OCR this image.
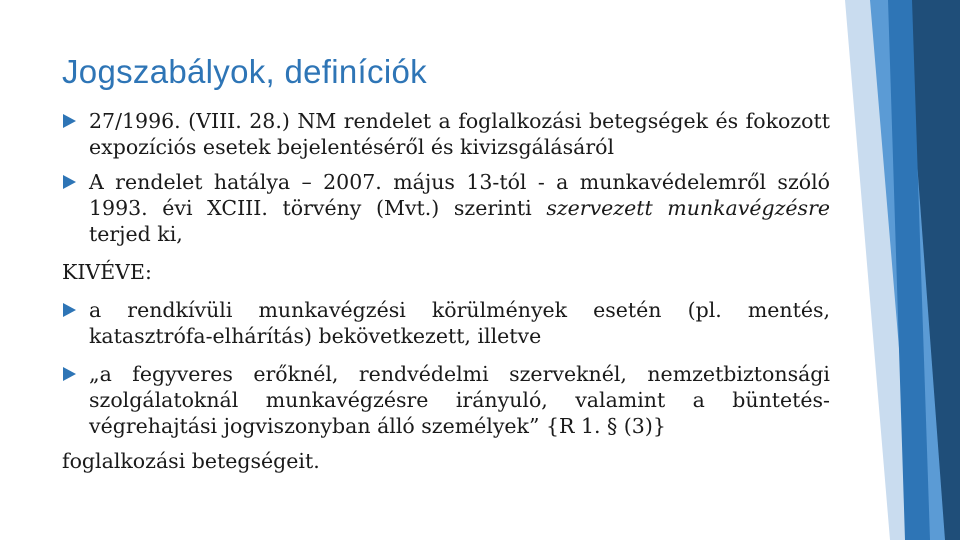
Jogszabályok, definíciók
27/1996. (VIII. 28.) NM rendelet a foglalkozási betegségek és fokozott expozíciós esetek bejelentéséről és kivizsgálásáról
A rendelet hatálya – 2007. május 13-tól - a munkavédelemről szóló 1993. évi XCIII. törvény (Mvt.) szerinti szervezett munkavégzésre terjed ki,
KIVÉVE:
a rendkívüli munkavégzési körülmények esetén (pl. mentés, katasztrófa-elhárítás) bekövetkezett, illetve
„a fegyveres erőknél, rendvédelmi szerveknél, nemzetbiztonsági szolgálatoknál munkavégzésre irányuló, valamint a büntetés-végrehajtási jogviszonyban álló személyek” {R 1. § (3)}
foglalkozási betegségeit.
